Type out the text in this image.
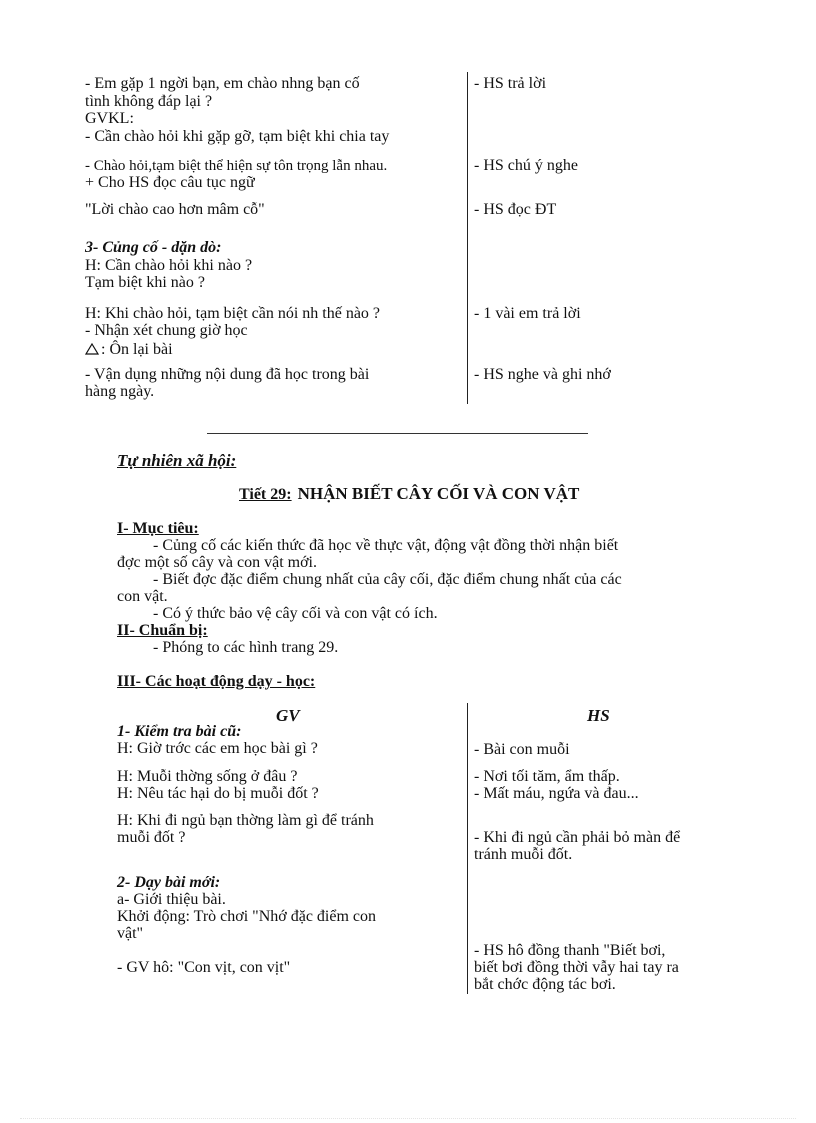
- Em gặp 1 ngời bạn, em chào nhng bạn cố
tình không đáp lại ?
GVKL:
- Cần chào hỏi khi gặp gỡ, tạm biệt khi chia tay
- Chào hỏi,tạm biệt thể hiện sự tôn trọng lẫn nhau.
+ Cho HS đọc câu tục ngữ
"Lời chào cao hơn mâm cỗ"
3- Củng cố - dặn dò:
H: Cần chào hỏi khi nào ?
Tạm biệt khi nào ?
H: Khi chào hỏi, tạm biệt cần nói nh thế nào ?
- Nhận xét chung giờ học
: Ôn lại bài
- Vận dụng những nội dung đã học trong bài
hàng ngày.
- HS trả lời
- HS chú ý nghe
- HS đọc ĐT
- 1 vài em trả lời
- HS nghe và ghi nhớ
Tự nhiên xã hội:
Tiết 29: NHẬN BIẾT CÂY CỐI VÀ CON VẬT
I- Mục tiêu:
- Củng cố các kiến thức đã học về thực vật, động vật đồng thời nhận biết
đợc một số cây và con vật mới.
- Biết đợc đặc điểm chung nhất của cây cối, đặc điểm chung nhất của các
con vật.
- Có ý thức bảo vệ cây cối và con vật có ích.
II- Chuẩn bị:
- Phóng to các hình trang 29.
III- Các hoạt động dạy - học:
GV	HS
1- Kiểm tra bài cũ:
H: Giờ trớc các em học bài gì ?
H: Muỗi thờng sống ở đâu ?
H: Nêu tác hại do bị muỗi đốt ?
H: Khi đi ngủ bạn thờng làm gì để tránh
muỗi đốt ?
2- Dạy bài mới:
a- Giới thiệu bài.
Khởi động: Trò chơi "Nhớ đặc điểm con
vật"
- GV hô: "Con vịt, con vịt"
- Bài con muỗi
- Nơi tối tăm, ẩm thấp.
- Mất máu, ngứa và đau...
- Khi đi ngủ cần phải bỏ màn để
tránh muỗi đốt.
- HS hô đồng thanh "Biết bơi,
biết bơi đồng thời vẫy hai tay ra
bắt chớc động tác bơi.
